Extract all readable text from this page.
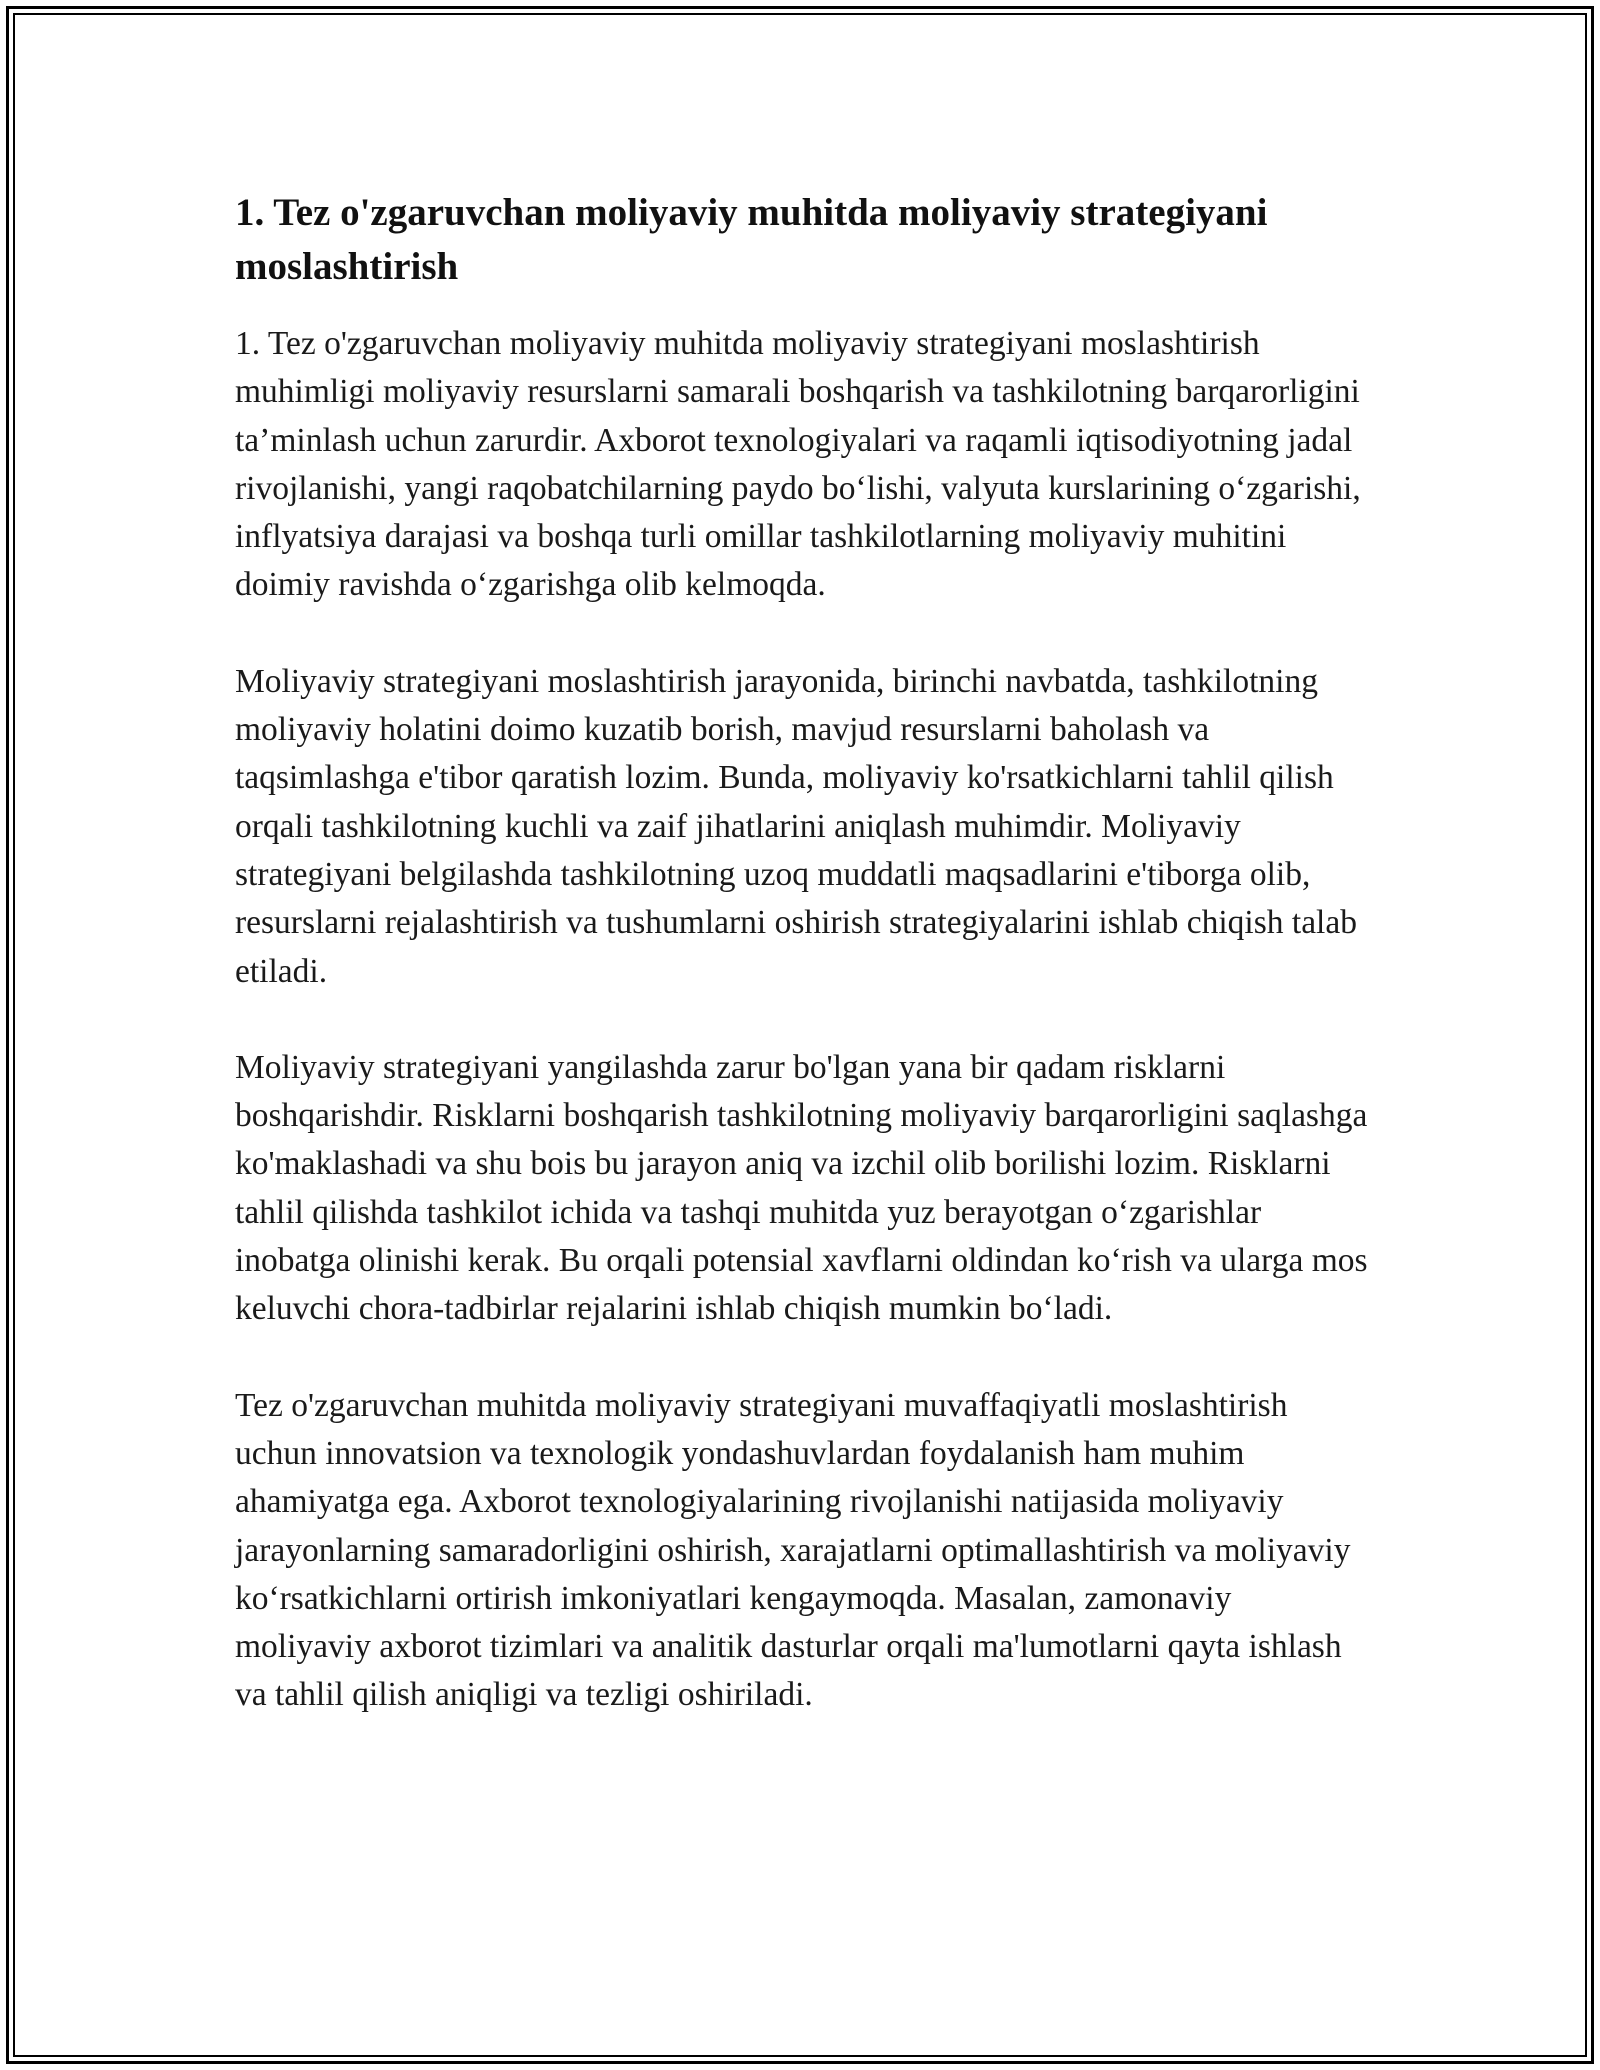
1. Tez o'zgaruvchan moliyaviy muhitda moliyaviy strategiyani moslashtirish

1. Tez o'zgaruvchan moliyaviy muhitda moliyaviy strategiyani moslashtirish muhimligi moliyaviy resurslarni samarali boshqarish va tashkilotning barqarorligini ta’minlash uchun zarurdir. Axborot texnologiyalari va raqamli iqtisodiyotning jadal rivojlanishi, yangi raqobatchilarning paydo bo‘lishi, valyuta kurslarining o‘zgarishi, inflyatsiya darajasi va boshqa turli omillar tashkilotlarning moliyaviy muhitini doimiy ravishda o‘zgarishga olib kelmoqda.

Moliyaviy strategiyani moslashtirish jarayonida, birinchi navbatda, tashkilotning moliyaviy holatini doimo kuzatib borish, mavjud resurslarni baholash va taqsimlashga e'tibor qaratish lozim. Bunda, moliyaviy ko'rsatkichlarni tahlil qilish orqali tashkilotning kuchli va zaif jihatlarini aniqlash muhimdir. Moliyaviy strategiyani belgilashda tashkilotning uzoq muddatli maqsadlarini e'tiborga olib, resurslarni rejalashtirish va tushumlarni oshirish strategiyalarini ishlab chiqish talab etiladi.

Moliyaviy strategiyani yangilashda zarur bo'lgan yana bir qadam risklarni boshqarishdir. Risklarni boshqarish tashkilotning moliyaviy barqarorligini saqlashga ko'maklashadi va shu bois bu jarayon aniq va izchil olib borilishi lozim. Risklarni tahlil qilishda tashkilot ichida va tashqi muhitda yuz berayotgan o‘zgarishlar inobatga olinishi kerak. Bu orqali potensial xavflarni oldindan ko‘rish va ularga mos keluvchi chora-tadbirlar rejalarini ishlab chiqish mumkin bo‘ladi.

Tez o'zgaruvchan muhitda moliyaviy strategiyani muvaffaqiyatli moslashtirish uchun innovatsion va texnologik yondashuvlardan foydalanish ham muhim ahamiyatga ega. Axborot texnologiyalarining rivojlanishi natijasida moliyaviy jarayonlarning samaradorligini oshirish, xarajatlarni optimallashtirish va moliyaviy ko‘rsatkichlarni ortirish imkoniyatlari kengaymoqda. Masalan, zamonaviy moliyaviy axborot tizimlari va analitik dasturlar orqali ma'lumotlarni qayta ishlash va tahlil qilish aniqligi va tezligi oshiriladi.
